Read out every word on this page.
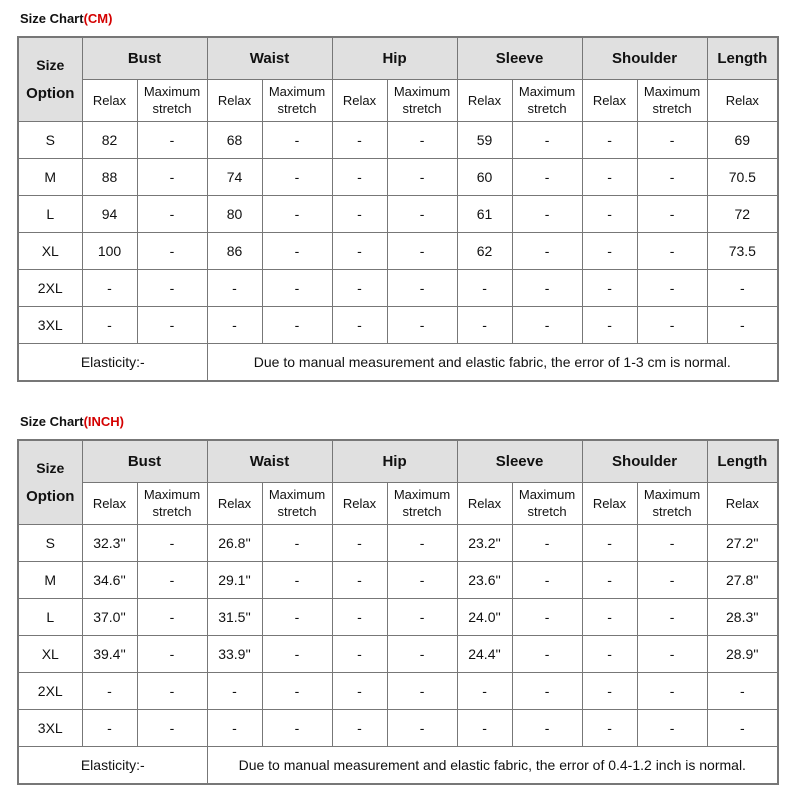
Size Chart(CM)
Size	Bust		Waist		Hip		Sleeve		Shoulder		Length
Option	Relax	Maximum stretch	Relax	Maximum stretch	Relax	Maximum stretch	Relax	Maximum stretch	Relax	Maximum stretch	Relax
S	82	-	68	-	-	-	59	-	-	-	69
M	88	-	74	-	-	-	60	-	-	-	70.5
L	94	-	80	-	-	-	61	-	-	-	72
XL	100	-	86	-	-	-	62	-	-	-	73.5
2XL	-	-	-	-	-	-	-	-	-	-	-
3XL	-	-	-	-	-	-	-	-	-	-	-
Elasticity:-			Due to manual measurement and elastic fabric, the error of 1-3 cm is normal.								
Size Chart(INCH)
Size	Bust		Waist		Hip		Sleeve		Shoulder		Length
Option	Relax	Maximum stretch	Relax	Maximum stretch	Relax	Maximum stretch	Relax	Maximum stretch	Relax	Maximum stretch	Relax
S	32.3''	-	26.8''	-	-	-	23.2''	-	-	-	27.2''
M	34.6''	-	29.1''	-	-	-	23.6''	-	-	-	27.8''
L	37.0''	-	31.5''	-	-	-	24.0''	-	-	-	28.3''
XL	39.4''	-	33.9''	-	-	-	24.4''	-	-	-	28.9''
2XL	-	-	-	-	-	-	-	-	-	-	-
3XL	-	-	-	-	-	-	-	-	-	-	-
Elasticity:-			Due to manual measurement and elastic fabric, the error of 0.4-1.2 inch is normal.								
